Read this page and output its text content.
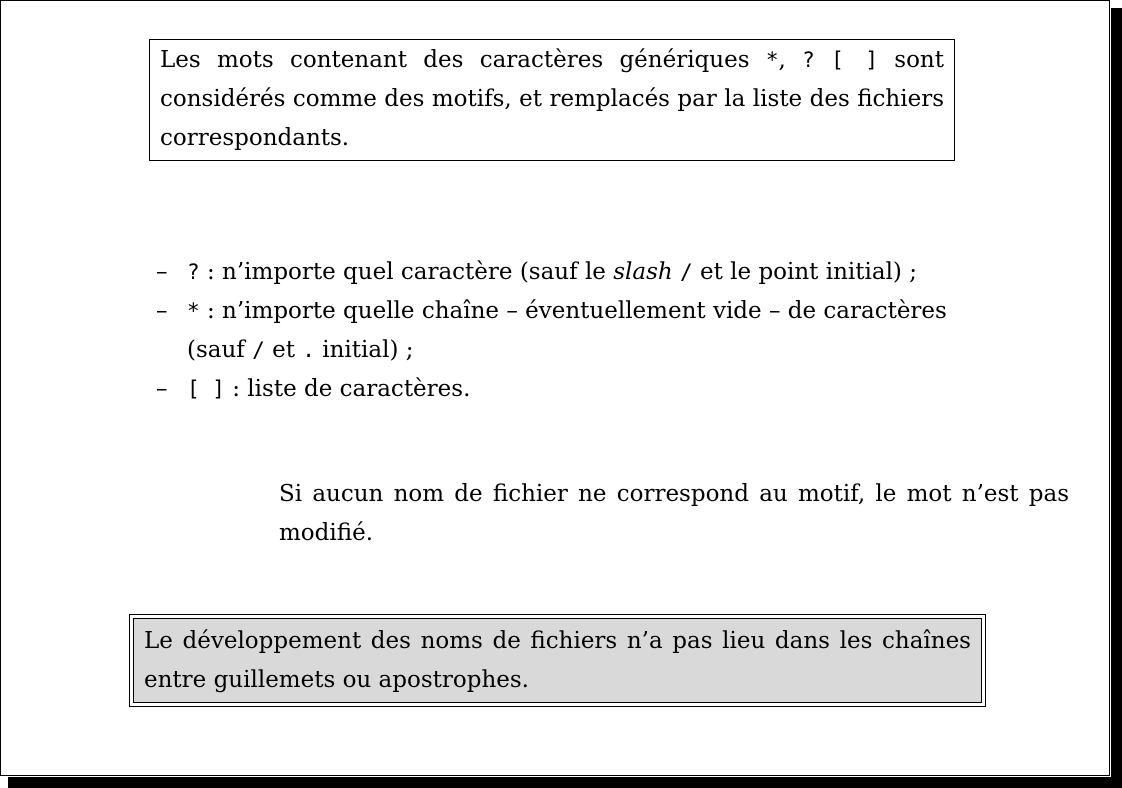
Les mots contenant des caractères génériques *, ? [ ] sont considérés comme des motifs, et remplacés par la liste des fichiers correspondants.

– ? : n’importe quel caractère (sauf le slash / et le point initial) ;
– * : n’importe quelle chaîne – éventuellement vide – de caractères (sauf / et . initial) ;
– [ ] : liste de caractères.

Si aucun nom de fichier ne correspond au motif, le mot n’est pas modifié.

Le développement des noms de fichiers n’a pas lieu dans les chaînes entre guillemets ou apostrophes.
